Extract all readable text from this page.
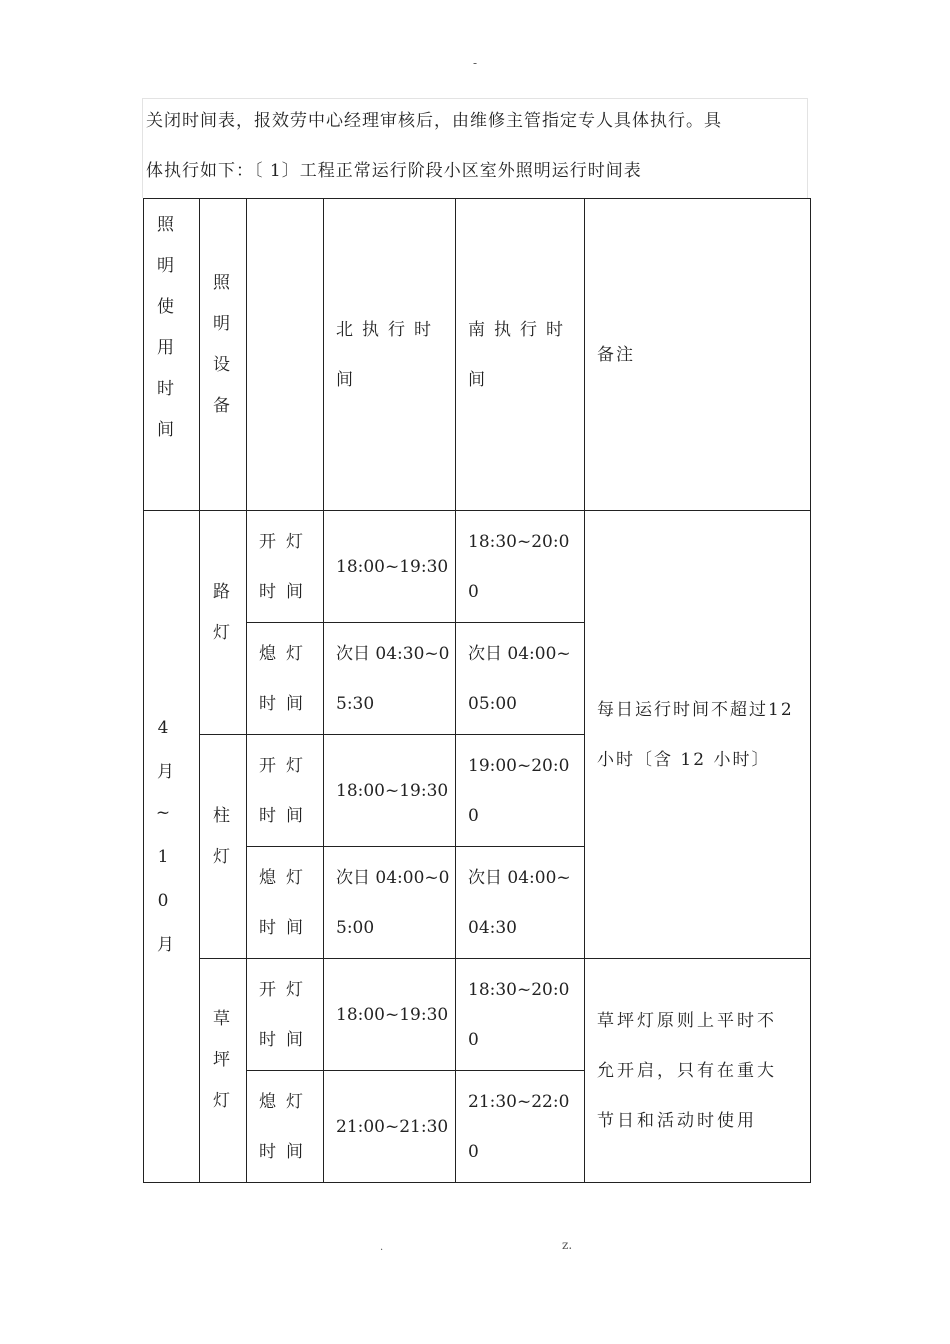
-
关闭时间表，报效劳中心经理审核后，由维修主管指定专人具体执行。具
体执行如下：〔 1〕工程正常运行阶段小区室外照明运行时间表
照明使用时间	照明设备		北执行时间	南执行时间	备注

4月~10月	路灯	开灯时间	18:00~19:30	18:30~20:00	每日运行时间不超过12 小时〔含 12 小时〕

		熄灯时间	次日 04:30~05:30	次日 04:00~05:00	

	柱灯	开灯时间	18:00~19:30	19:00~20:00	

		熄灯时间	次日 04:00~05:00	次日 04:00~04:30	

	草坪灯	开灯时间	18:00~19:30	18:30~20:00	草坪灯原则上平时不允开启，只有在重大节日和活动时使用

		熄灯时间	21:00~21:30	21:30~22:00	
.	z.
